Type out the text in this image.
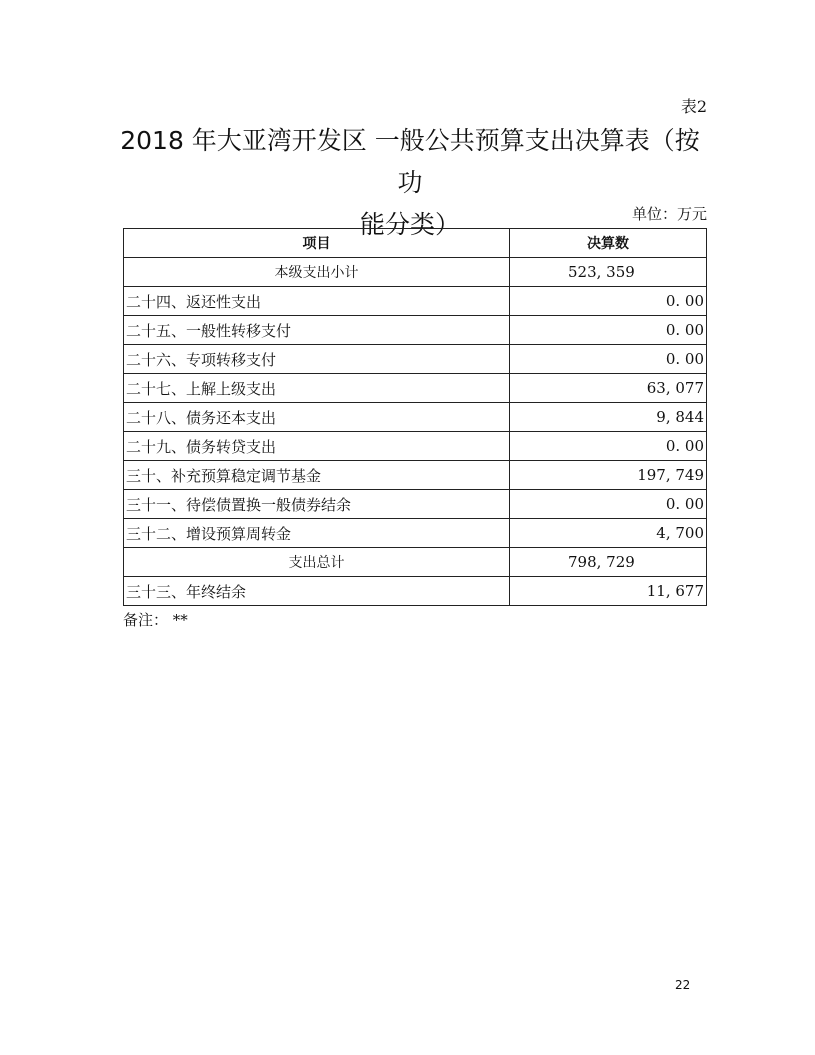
表2
2018 年大亚湾开发区 一般公共预算支出决算表（按功
能分类）	单位：万元
项目	决算数
本级支出小计	523, 359
二十四、返还性支出	0. 00
二十五、一般性转移支付	0. 00
二十六、专项转移支付	0. 00
二十七、上解上级支出	63, 077
二十八、债务还本支出	9, 844
二十九、债务转贷支出	0. 00
三十、补充预算稳定调节基金	197, 749
三十一、待偿债置换一般债券结余	0. 00
三十二、增设预算周转金	4, 700
支出总计	798, 729
三十三、年终结余	11, 677
备注： **
22
